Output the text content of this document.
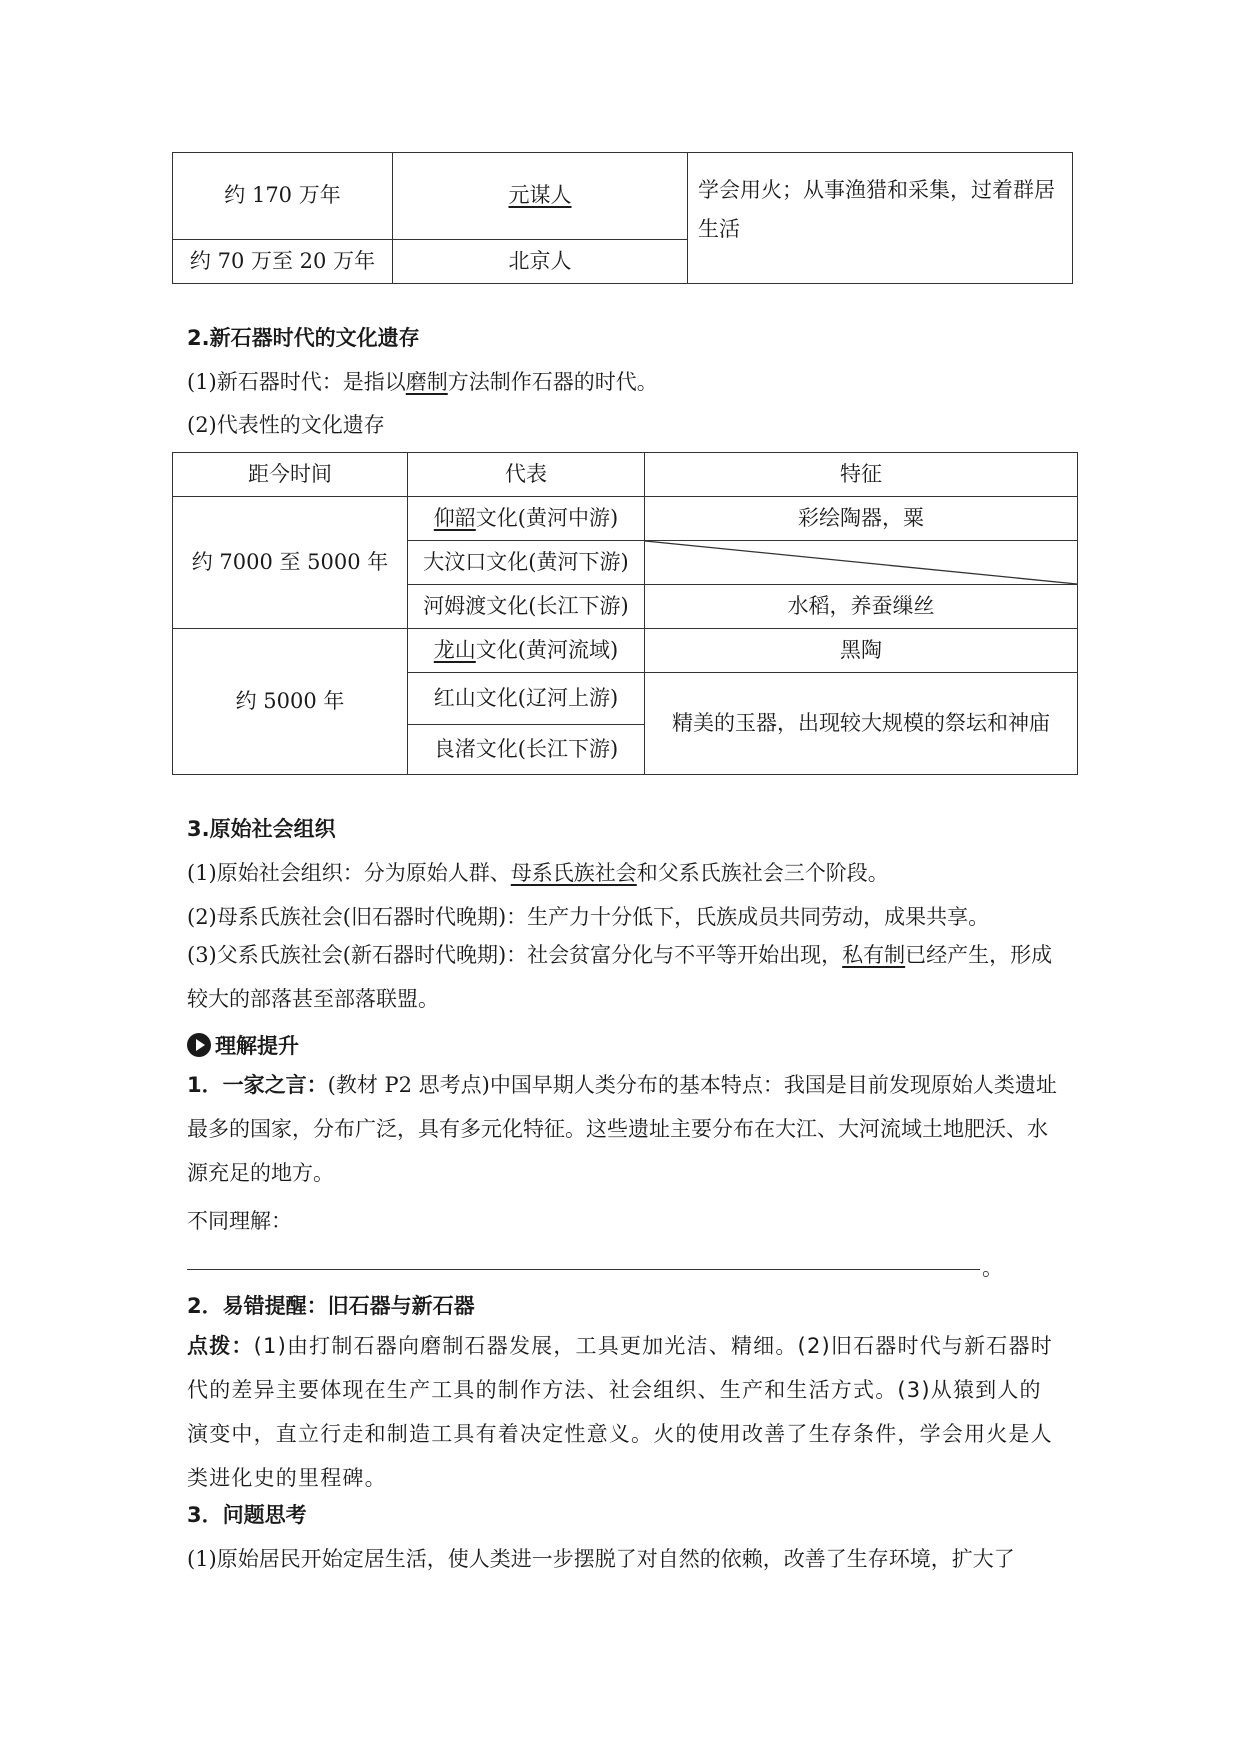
约 170 万年	元谋人	学会用火；从事渔猎和采集，过着群居生活
约 70 万至 20 万年	北京人	
2.新石器时代的文化遗存
(1)新石器时代：是指以磨制方法制作石器的时代。
(2)代表性的文化遗存
距今时间	代表	特征
约 7000 至 5000 年	仰韶文化(黄河中游)	彩绘陶器，粟
	大汶口文化(黄河下游)	

	河姆渡文化(长江下游)	水稻，养蚕缫丝
约 5000 年	龙山文化(黄河流域)	黑陶
	红山文化(辽河上游)	精美的玉器，出现较大规模的祭坛和神庙
	良渚文化(长江下游)	
3.原始社会组织
(1)原始社会组织：分为原始人群、母系氏族社会和父系氏族社会三个阶段。
(2)母系氏族社会(旧石器时代晚期)：生产力十分低下，氏族成员共同劳动，成果共享。
(3)父系氏族社会(新石器时代晚期)：社会贫富分化与不平等开始出现，私有制已经产生，形成较大的部落甚至部落联盟。
理解提升
1．一家之言：(教材 P2 思考点)中国早期人类分布的基本特点：我国是目前发现原始人类遗址最多的国家，分布广泛，具有多元化特征。这些遗址主要分布在大江、大河流域土地肥沃、水源充足的地方。
不同理解：
。
2．易错提醒：旧石器与新石器
点拨：(1)由打制石器向磨制石器发展，工具更加光洁、精细。(2)旧石器时代与新石器时代的差异主要体现在生产工具的制作方法、社会组织、生产和生活方式。(3)从猿到人的演变中，直立行走和制造工具有着决定性意义。火的使用改善了生存条件，学会用火是人类进化史的里程碑。
3．问题思考
(1)原始居民开始定居生活，使人类进一步摆脱了对自然的依赖，改善了生存环境，扩大了
